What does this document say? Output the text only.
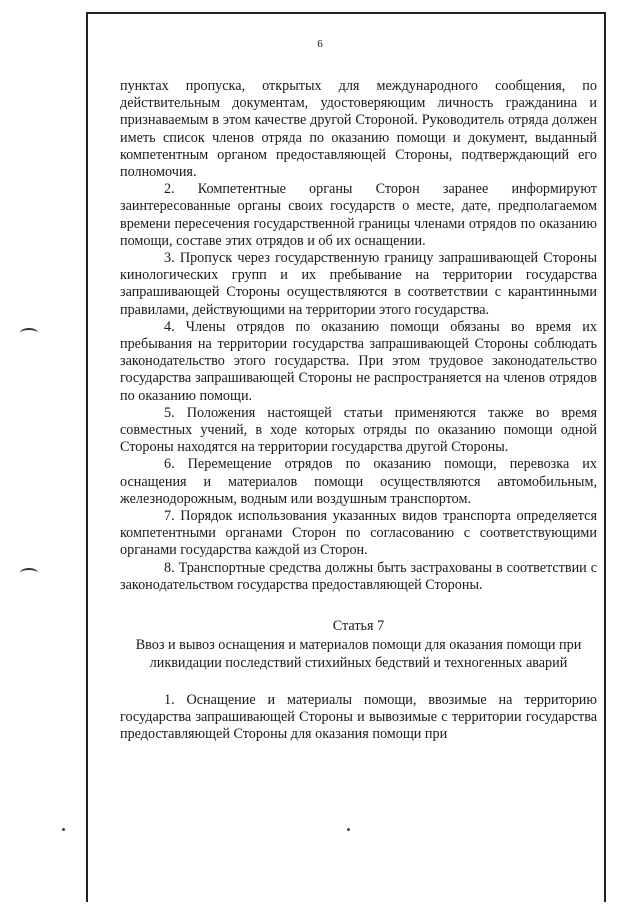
6

пунктах пропуска, открытых для международного сообщения, по действительным документам, удостоверяющим личность гражданина и признаваемым в этом качестве другой Стороной. Руководитель отряда должен иметь список членов отряда по оказанию помощи и документ, выданный компетентным органом предоставляющей Стороны, подтверждающий его полномочия.

2. Компетентные органы Сторон заранее информируют заинтересованные органы своих государств о месте, дате, предполагаемом времени пересечения государственной границы членами отрядов по оказанию помощи, составе этих отрядов и об их оснащении.

3. Пропуск через государственную границу запрашивающей Стороны кинологических групп и их пребывание на территории государства запрашивающей Стороны осуществляются в соответствии с карантинными правилами, действующими на территории этого государства.

4. Члены отрядов по оказанию помощи обязаны во время их пребывания на территории государства запрашивающей Стороны соблюдать законодательство этого государства. При этом трудовое законодательство государства запрашивающей Стороны не распространяется на членов отрядов по оказанию помощи.

5. Положения настоящей статьи применяются также во время совместных учений, в ходе которых отряды по оказанию помощи одной Стороны находятся на территории государства другой Стороны.

6. Перемещение отрядов по оказанию помощи, перевозка их оснащения и материалов помощи осуществляются автомобильным, железнодорожным, водным или воздушным транспортом.

7. Порядок использования указанных видов транспорта определяется компетентными органами Сторон по согласованию с соответствующими органами государства каждой из Сторон.

8. Транспортные средства должны быть застрахованы в соответствии с законодательством государства предоставляющей Стороны.

Статья 7
Ввоз и вывоз оснащения и материалов помощи для оказания помощи при ликвидации последствий стихийных бедствий и техногенных аварий

1. Оснащение и материалы помощи, ввозимые на территорию государства запрашивающей Стороны и вывозимые с территории государства предоставляющей Стороны для оказания помощи при
